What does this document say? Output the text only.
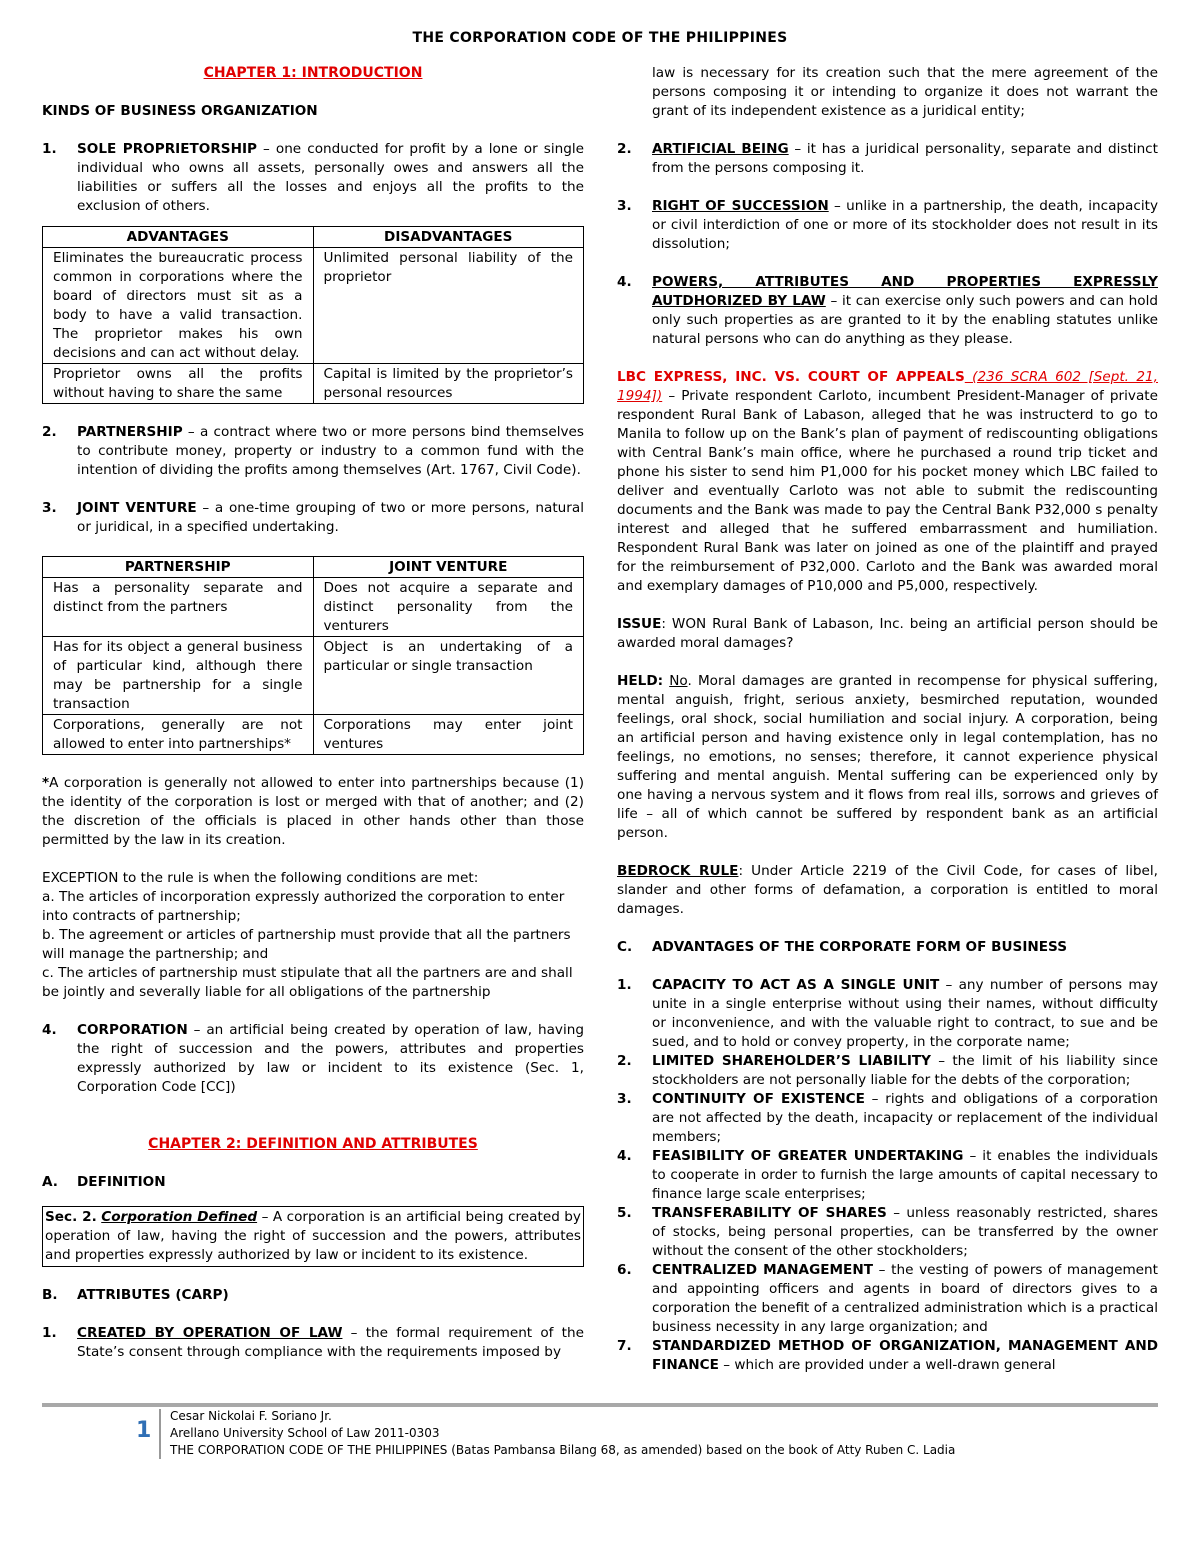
THE CORPORATION CODE OF THE PHILIPPINES

CHAPTER 1: INTRODUCTION

KINDS OF BUSINESS ORGANIZATION

1.	SOLE PROPRIETORSHIP – one conducted for profit by a lone or single individual who owns all assets, personally owes and answers all the liabilities or suffers all the losses and enjoys all the profits to the exclusion of others.
ADVANTAGES	DISADVANTAGES
Eliminates the bureaucratic process common in corporations where the board of directors must sit as a body to have a valid transaction. The proprietor makes his own decisions and can act without delay.	Unlimited personal liability of the proprietor
Proprietor owns all the profits without having to share the same	Capital is limited by the proprietor’s personal resources
2.	PARTNERSHIP – a contract where two or more persons bind themselves to contribute money, property or industry to a common fund with the intention of dividing the profits among themselves (Art. 1767, Civil Code).
3.	JOINT VENTURE – a one-time grouping of two or more persons, natural or juridical, in a specified undertaking.
PARTNERSHIP	JOINT VENTURE
Has a personality separate and distinct from the partners	Does not acquire a separate and distinct personality from the venturers
Has for its object a general business of particular kind, although there may be partnership for a single transaction	Object is an undertaking of a particular or single transaction
Corporations, generally are not allowed to enter into partnerships*	Corporations may enter joint ventures

*A corporation is generally not allowed to enter into partnerships because (1) the identity of the corporation is lost or merged with that of another; and (2) the discretion of the officials is placed in other hands other than those permitted by the law in its creation.

EXCEPTION to the rule is when the following conditions are met:

a. The articles of incorporation expressly authorized the corporation to enter into contracts of partnership;

b. The agreement or articles of partnership must provide that all the partners will manage the partnership; and

c. The articles of partnership must stipulate that all the partners are and shall be jointly and severally liable for all obligations of the partnership

4.	CORPORATION – an artificial being created by operation of law, having the right of succession and the powers, attributes and properties expressly authorized by law or incident to its existence (Sec. 1, Corporation Code [CC])

CHAPTER 2: DEFINITION AND ATTRIBUTES

A.	DEFINITION
Sec. 2. Corporation Defined – A corporation is an artificial being created by operation of law, having the right of succession and the powers, attributes and properties expressly authorized by law or incident to its existence.
B.	ATTRIBUTES (CARP)
1.	CREATED BY OPERATION OF LAW – the formal requirement of the State’s consent through compliance with the requirements imposed by
law is necessary for its creation such that the mere agreement of the persons composing it or intending to organize it does not warrant the grant of its independent existence as a juridical entity;
2.	ARTIFICIAL BEING – it has a juridical personality, separate and distinct from the persons composing it.
3.	RIGHT OF SUCCESSION – unlike in a partnership, the death, incapacity or civil interdiction of one or more of its stockholder does not result in its dissolution;
4.	POWERS, ATTRIBUTES AND PROPERTIES EXPRESSLY AUTDHORIZED BY LAW – it can exercise only such powers and can hold only such properties as are granted to it by the enabling statutes unlike natural persons who can do anything as they please.

LBC EXPRESS, INC. VS. COURT OF APPEALS (236 SCRA 602 [Sept. 21, 1994]) – Private respondent Carloto, incumbent President-Manager of private respondent Rural Bank of Labason, alleged that he was instructerd to go to Manila to follow up on the Bank’s plan of payment of rediscounting obligations with Central Bank’s main office, where he purchased a round trip ticket and phone his sister to send him P1,000 for his pocket money which LBC failed to deliver and eventually Carloto was not able to submit the rediscounting documents and the Bank was made to pay the Central Bank P32,000 s penalty interest and alleged that he suffered embarrassment and humiliation. Respondent Rural Bank was later on joined as one of the plaintiff and prayed for the reimbursement of P32,000. Carloto and the Bank was awarded moral and exemplary damages of P10,000 and P5,000, respectively.

ISSUE: WON Rural Bank of Labason, Inc. being an artificial person should be awarded moral damages?

HELD: No. Moral damages are granted in recompense for physical suffering, mental anguish, fright, serious anxiety, besmirched reputation, wounded feelings, oral shock, social humiliation and social injury. A corporation, being an artificial person and having existence only in legal contemplation, has no feelings, no emotions, no senses; therefore, it cannot experience physical suffering and mental anguish. Mental suffering can be experienced only by one having a nervous system and it flows from real ills, sorrows and grieves of life – all of which cannot be suffered by respondent bank as an artificial person.

BEDROCK RULE: Under Article 2219 of the Civil Code, for cases of libel, slander and other forms of defamation, a corporation is entitled to moral damages.

C.	ADVANTAGES OF THE CORPORATE FORM OF BUSINESS
1.	CAPACITY TO ACT AS A SINGLE UNIT – any number of persons may unite in a single enterprise without using their names, without difficulty or inconvenience, and with the valuable right to contract, to sue and be sued, and to hold or convey property, in the corporate name;
2.	LIMITED SHAREHOLDER’S LIABILITY – the limit of his liability since stockholders are not personally liable for the debts of the corporation;
3.	CONTINUITY OF EXISTENCE – rights and obligations of a corporation are not affected by the death, incapacity or replacement of the individual members;
4.	FEASIBILITY OF GREATER UNDERTAKING – it enables the individuals to cooperate in order to furnish the large amounts of capital necessary to finance large scale enterprises;
5.	TRANSFERABILITY OF SHARES – unless reasonably restricted, shares of stocks, being personal properties, can be transferred by the owner without the consent of the other stockholders;
6.	CENTRALIZED MANAGEMENT – the vesting of powers of management and appointing officers and agents in board of directors gives to a corporation the benefit of a centralized administration which is a practical business necessity in any large organization; and
7.	STANDARDIZED METHOD OF ORGANIZATION, MANAGEMENT AND FINANCE – which are provided under a well-drawn general
1
Cesar Nickolai F. Soriano Jr.
Arellano University School of Law 2011-0303
THE CORPORATION CODE OF THE PHILIPPINES (Batas Pambansa Bilang 68, as amended) based on the book of Atty Ruben C. Ladia
